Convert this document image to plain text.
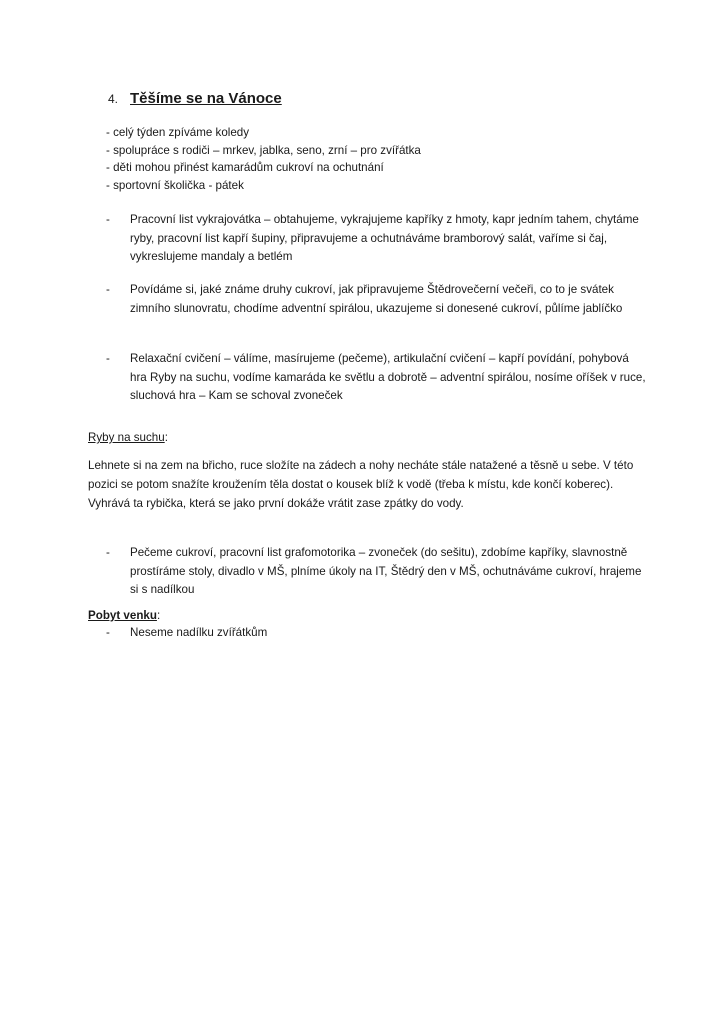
4. Těšíme se na Vánoce
- celý týden zpíváme koledy
- spolupráce s rodiči – mrkev, jablka, seno, zrní – pro zvířátka
- děti mohou přinést kamarádům cukroví na ochutnání
- sportovní školička - pátek
-	Pracovní list vykrajovátka – obtahujeme, vykrajujeme kapříky z hmoty, kapr jedním tahem, chytáme ryby, pracovní list kapří šupiny, připravujeme a ochutnáváme bramborový salát, vaříme si čaj, vykreslujeme mandaly a betlém
-	Povídáme si, jaké známe druhy cukroví, jak připravujeme Štědrovečerní večeři, co to je svátek zimního slunovratu, chodíme adventní spirálou, ukazujeme si donesené cukroví, půlíme jablíčko
-	Relaxační cvičení – válíme, masírujeme (pečeme), artikulační cvičení – kapří povídání, pohybová hra Ryby na suchu, vodíme kamaráda ke světlu a dobrotě – adventní spirálou, nosíme oříšek v ruce, sluchová hra – Kam se schoval zvoneček
Ryby na suchu:
Lehnete si na zem na břicho, ruce složíte na zádech a nohy necháte stále natažené a těsně u sebe. V této pozici se potom snažíte kroužením těla dostat o kousek blíž k vodě (třeba k místu, kde končí koberec). Vyhrává ta rybička, která se jako první dokáže vrátit zase zpátky do vody.
-	Pečeme cukroví, pracovní list grafomotorika – zvoneček (do sešitu), zdobíme kapříky, slavnostně prostíráme stoly, divadlo v MŠ, plníme úkoly na IT, Štědrý den v MŠ, ochutnáváme cukroví, hrajeme si s nadílkou
Pobyt venku:
-	Neseme nadílku zvířátkům
